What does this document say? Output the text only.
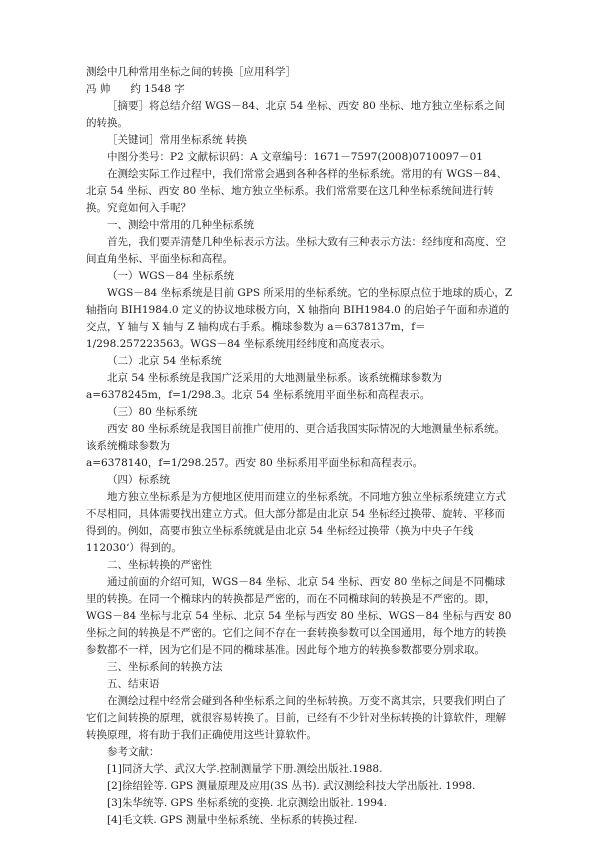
测绘中几种常用坐标之间的转换［应用科学］

冯 帅 约 1548 字

［摘要］将总结介绍 WGS－84、北京 54 坐标、西安 80 坐标、地方独立坐标系之间的转换。

［关键词］常用坐标系统 转换

中图分类号：P2 文献标识码：A 文章编号：1671－7597(2008)0710097－01

在测绘实际工作过程中，我们常常会遇到各种各样的坐标系统。常用的有 WGS－84、北京 54 坐标、西安 80 坐标、地方独立坐标系。我们常常要在这几种坐标系统间进行转换。究竟如何入手呢？

一、测绘中常用的几种坐标系统

首先，我们要弄清楚几种坐标表示方法。坐标大致有三种表示方法：经纬度和高度、空间直角坐标、平面坐标和高程。

（一）WGS－84 坐标系统

WGS－84 坐标系统是目前 GPS 所采用的坐标系统。它的坐标原点位于地球的质心，Z 轴指向 BIH1984.0 定义的协议地球极方向，X 轴指向 BIH1984.0 的启始子午面和赤道的交点，Y 轴与 X 轴与 Z 轴构成右手系。椭球参数为 a＝6378137m，f＝1/298.257223563。WGS－84 坐标系统用经纬度和高度表示。

（二）北京 54 坐标系统

北京 54 坐标系统是我国广泛采用的大地测量坐标系。该系统椭球参数为 a=6378245m，f=1/298.3。北京 54 坐标系统用平面坐标和高程表示。

（三）80 坐标系统

西安 80 坐标系统是我国目前推广使用的、更合适我国实际情况的大地测量坐标系统。该系统椭球参数为

a=6378140，f=1/298.257。西安 80 坐标系用平面坐标和高程表示。

（四）标系统

地方独立坐标系是为方便地区使用而建立的坐标系统。不同地方独立坐标系统建立方式不尽相同，具体需要找出建立方式。但大部分都是由北京 54 坐标经过换带、旋转、平移而得到的。例如，高要市独立坐标系统就是由北京 54 坐标经过换带（换为中央子午线 112030‘）得到的。

二、坐标转换的严密性

通过前面的介绍可知，WGS－84 坐标、北京 54 坐标、西安 80 坐标之间是不同椭球里的转换。在同一个椭球内的转换都是严密的，而在不同椭球间的转换是不严密的。即，WGS－84 坐标与北京 54 坐标、北京 54 坐标与西安 80 坐标、WGS－84 坐标与西安 80 坐标之间的转换是不严密的。它们之间不存在一套转换参数可以全国通用，每个地方的转换参数都不一样，因为它们是不同的椭球基准。因此每个地方的转换参数都要分别求取。

三、坐标系间的转换方法

五、结束语

在测绘过程中经常会碰到各种坐标系之间的坐标转换。万变不离其宗，只要我们明白了它们之间转换的原理，就很容易转换了。目前，已经有不少针对坐标转换的计算软件，理解转换原理，将有助于我们正确使用这些计算软件。

参考文献：

[1]同济大学、武汉大学.控制测量学下册.测绘出版社.1988.

[2]徐绍铨等. GPS 测量原理及应用(3S 丛书). 武汉测绘科技大学出版社. 1998.

[3]朱华统等. GPS 坐标系统的变换. 北京测绘出版社. 1994.

[4]毛文轶. GPS 测量中坐标系统、坐标系的转换过程.
